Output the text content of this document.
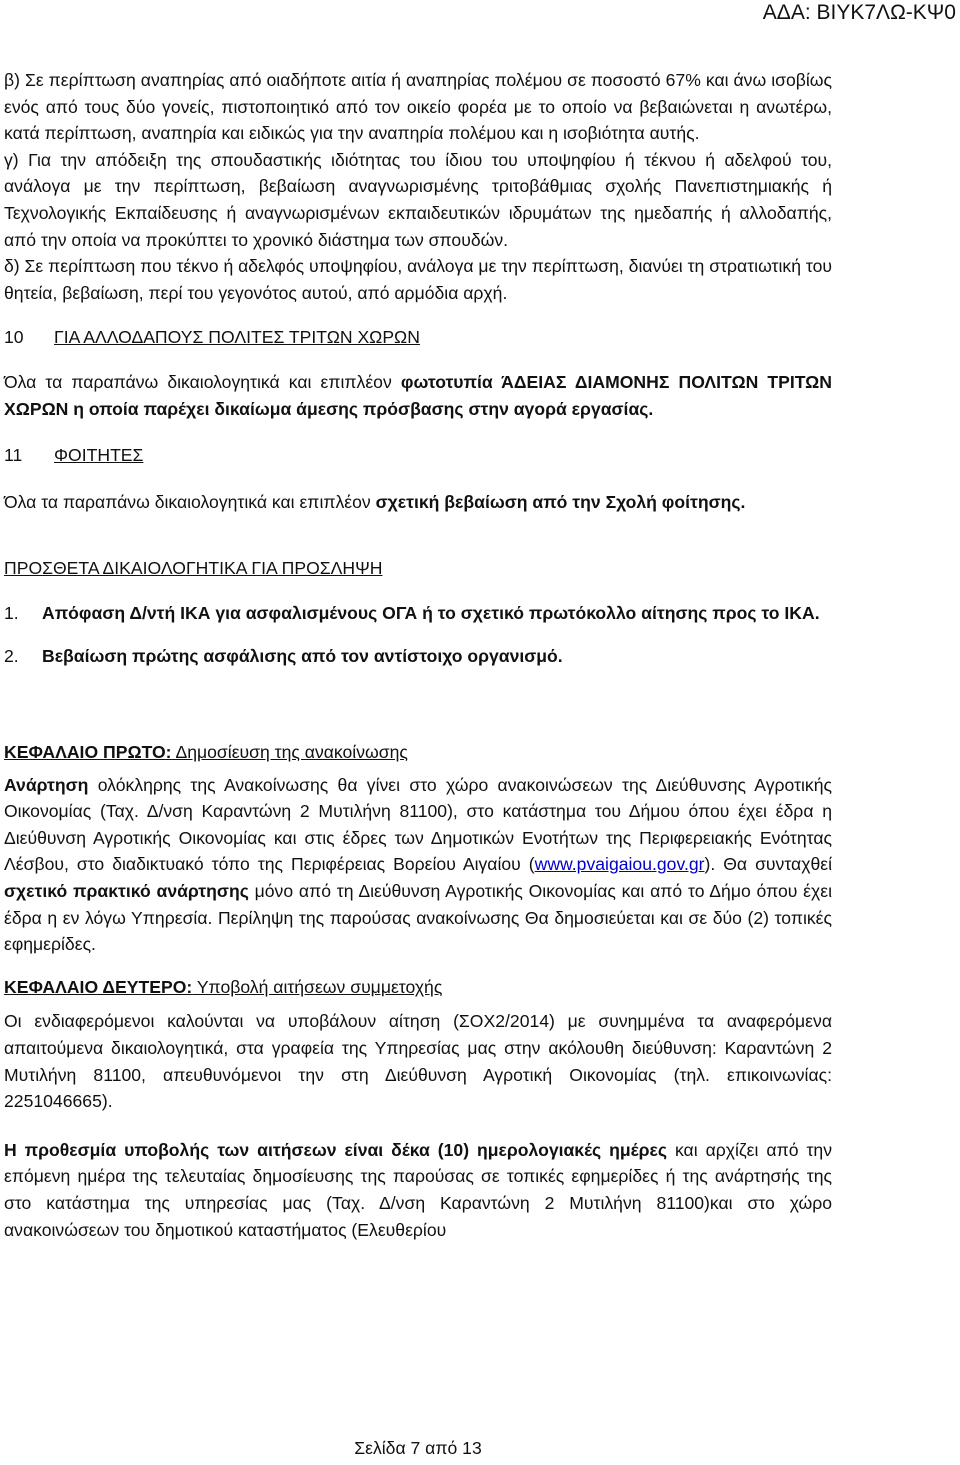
ΑΔΑ: ΒΙΥΚ7ΛΩ-ΚΨ0

β) Σε περίπτωση αναπηρίας από οιαδήποτε αιτία ή αναπηρίας πολέμου σε ποσοστό 67% και άνω ισοβίως ενός από τους δύο γονείς, πιστοποιητικό από τον οικείο φορέα με το οποίο να βεβαιώνεται η ανωτέρω, κατά περίπτωση, αναπηρία και ειδικώς για την αναπηρία πολέμου και η ισοβιότητα αυτής.

γ) Για την απόδειξη της σπουδαστικής ιδιότητας του ίδιου του υποψηφίου ή τέκνου ή αδελφού του, ανάλογα με την περίπτωση, βεβαίωση αναγνωρισμένης τριτοβάθμιας σχολής Πανεπιστημιακής ή Τεχνολογικής Εκπαίδευσης ή αναγνωρισμένων εκπαιδευτικών ιδρυμάτων της ημεδαπής ή αλλοδαπής, από την οποία να προκύπτει το χρονικό διάστημα των σπουδών.

δ) Σε περίπτωση που τέκνο ή αδελφός υποψηφίου, ανάλογα με την περίπτωση, διανύει τη στρατιωτική του θητεία, βεβαίωση, περί του γεγονότος αυτού, από αρμόδια αρχή.

10	ΓΙΑ ΑΛΛΟΔΑΠΟΥΣ ΠΟΛΙΤΕΣ ΤΡΙΤΩΝ ΧΩΡΩΝ

Όλα τα παραπάνω δικαιολογητικά και επιπλέον φωτοτυπία ΆΔΕΙΑΣ ΔΙΑΜΟΝΗΣ ΠΟΛΙΤΩΝ ΤΡΙΤΩΝ ΧΩΡΩΝ η οποία παρέχει δικαίωμα άμεσης πρόσβασης στην αγορά εργασίας.

11	ΦΟΙΤΗΤΕΣ

Όλα τα παραπάνω δικαιολογητικά και επιπλέον σχετική βεβαίωση από την Σχολή φοίτησης.

ΠΡΟΣΘΕΤΑ ΔΙΚΑΙΟΛΟΓΗΤΙΚΑ ΓΙΑ ΠΡΟΣΛΗΨΗ
1.	Απόφαση Δ/ντή ΙΚΑ για ασφαλισμένους ΟΓΑ ή το σχετικό πρωτόκολλο αίτησης προς το ΙΚΑ.
2.	Βεβαίωση πρώτης ασφάλισης από τον αντίστοιχο οργανισμό.
ΚΕΦΑΛΑΙΟ ΠΡΩΤΟ: Δημοσίευση της ανακοίνωσης

Ανάρτηση ολόκληρης της Ανακοίνωσης θα γίνει στο χώρο ανακοινώσεων της Διεύθυνσης Αγροτικής Οικονομίας (Ταχ. Δ/νση Καραντώνη 2 Μυτιλήνη 81100), στο κατάστημα του Δήμου όπου έχει έδρα η Διεύθυνση Αγροτικής Οικονομίας και στις έδρες των Δημοτικών Ενοτήτων της Περιφερειακής Ενότητας Λέσβου, στο διαδικτυακό τόπο της Περιφέρειας Βορείου Αιγαίου (www.pvaigaiou.gov.gr). Θα συνταχθεί σχετικό πρακτικό ανάρτησης μόνο από τη Διεύθυνση Αγροτικής Οικονομίας και από το Δήμο όπου έχει έδρα η εν λόγω Υπηρεσία. Περίληψη της παρούσας ανακοίνωσης Θα δημοσιεύεται και σε δύο (2) τοπικές εφημερίδες.

ΚΕΦΑΛΑΙΟ ΔΕΥΤΕΡΟ: Υποβολή αιτήσεων συμμετοχής

Οι ενδιαφερόμενοι καλούνται να υποβάλουν αίτηση (ΣΟΧ2/2014) με συνημμένα τα αναφερόμενα απαιτούμενα δικαιολογητικά, στα γραφεία της Υπηρεσίας μας στην ακόλουθη διεύθυνση: Καραντώνη 2 Μυτιλήνη 81100, απευθυνόμενοι την στη Διεύθυνση Αγροτική Οικονομίας (τηλ. επικοινωνίας: 2251046665).

Η προθεσμία υποβολής των αιτήσεων είναι δέκα (10) ημερολογιακές ημέρες και αρχίζει από την επόμενη ημέρα της τελευταίας δημοσίευσης της παρούσας σε τοπικές εφημερίδες ή της ανάρτησής της στο κατάστημα της υπηρεσίας μας (Ταχ. Δ/νση Καραντώνη 2 Μυτιλήνη 81100)και στο χώρο ανακοινώσεων του δημοτικού καταστήματος (Ελευθερίου

Σελίδα 7 από 13
